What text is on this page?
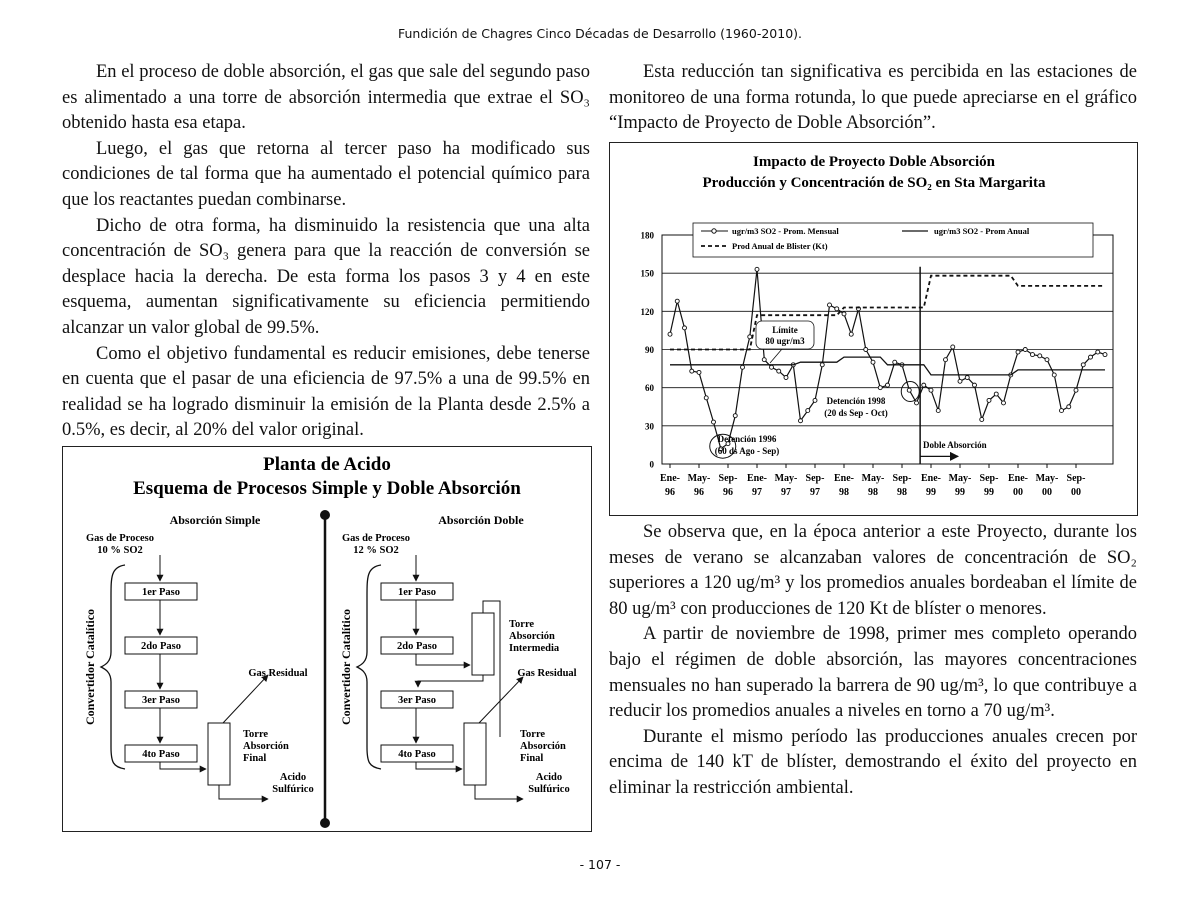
Fundición de Chagres Cinco Décadas de Desarrollo (1960-2010).

En el proceso de doble absorción, el gas que sale del segundo paso es alimentado a una torre de absorción intermedia que extrae el SO₃ obtenido hasta esa etapa.

Luego, el gas que retorna al tercer paso ha modificado sus condiciones de tal forma que ha aumentado el potencial químico para que los reactantes puedan combinarse.

Dicho de otra forma, ha disminuido la resistencia que una alta concentración de SO₃ genera para que la reacción de conversión se desplace hacia la derecha. De esta forma los pasos 3 y 4 en este esquema, aumentan significativamente su eficiencia permitiendo alcanzar un valor global de 99.5%.

Como el objetivo fundamental es reducir emisiones, debe tenerse en cuenta que el pasar de una eficiencia de 97.5% a una de 99.5% en realidad se ha logrado disminuir la emisión de la Planta desde 2.5% a 0.5%, es decir, al 20% del valor original.

Esta reducción tan significativa es percibida en las estaciones de monitoreo de una forma rotunda, lo que puede apreciarse en el gráfico “Impacto de Proyecto de Doble Absorción”.

Planta de Acido
Esquema de Procesos Simple y Doble Absorción
Absorción Simple
Gas de Proceso
10 % SO2
Convertidor Catalítico
1er Paso
2do Paso
3er Paso
4to Paso
Gas Residual
Torre
Absorción
Final
Acido
Sulfúrico
Absorción Doble
Gas de Proceso
12 % SO2
Convertidor Catalítico
1er Paso
2do Paso
Torre
Absorción
Intermedia
3er Paso
4to Paso
Gas Residual
Torre
Absorción
Final
Acido
Sulfúrico
Impacto de Proyecto Doble Absorción
Producción y Concentración de SO₂ en Sta Margarita
0
30
60
90
120
150
180
Ene-
96
May-
96
Sep-
96
Ene-
97
May-
97
Sep-
97
Ene-
98
May-
98
Sep-
98
Ene-
99
May-
99
Sep-
99
Ene-
00
May-
00
Sep-
00
ugr/m3 SO2 - Prom. Mensual	ugr/m3 SO2 - Prom Anual
Prod Anual de Blister (Kt)
Límite
80 ugr/m3
Detención 1996
(60 ds Ago - Sep)
Detención 1998
(20 ds Sep - Oct)
Doble Absorción

Se observa que, en la época anterior a este Proyecto, durante los meses de verano se alcanzaban valores de concentración de SO₂ superiores a 120 ug/m³ y los promedios anuales bordeaban el límite de 80 ug/m³ con producciones de 120 Kt de blíster o menores.

A partir de noviembre de 1998, primer mes completo operando bajo el régimen de doble absorción, las mayores concentraciones mensuales no han superado la barrera de 90 ug/m³, lo que contribuye a reducir los promedios anuales a niveles en torno a 70 ug/m³.

Durante el mismo período las producciones anuales crecen por encima de 140 kT de blíster, demostrando el éxito del proyecto en eliminar la restricción ambiental.

- 107 -
